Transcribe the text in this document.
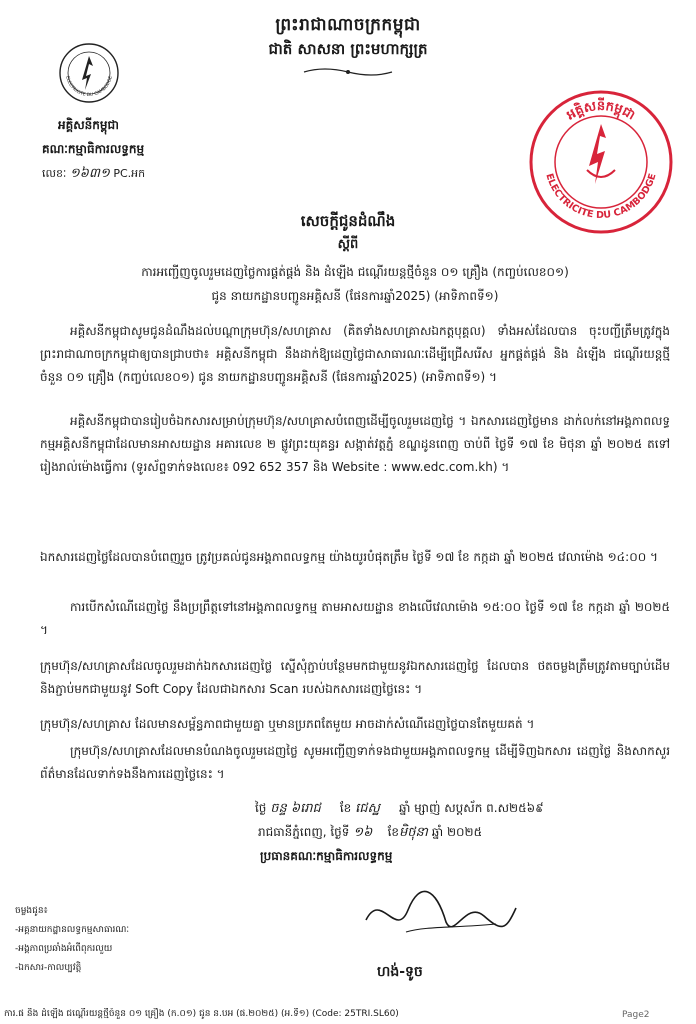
ព្រះរាជាណាចក្រកម្ពុជា
ជាតិ សាសនា ព្រះមហាក្សត្រ
ELECTRICITE DU CAMBODGE
អគ្គិសនីកម្ពុជា
គណៈកម្មាធិការលទ្ធកម្ម
លេខៈ ១៦៣១ PC.អក
អគ្គិសនីកម្ពុជា
ELECTRICITE DU CAMBODGE
សេចក្តីជូនដំណឹង
ស្តីពី
ការអញ្ជើញចូលរួមដេញថ្លៃការផ្គត់ផ្គង់ និង ដំឡើង ជណ្តើរយន្តថ្មីចំនួន ០១ គ្រឿង (កញ្ចប់លេខ០១)
ជូន នាយកដ្ឋានបញ្ជូនអគ្គិសនី (ផែនការឆ្នាំ2025) (អាទិភាពទី១)
អគ្គិសនីកម្ពុជាសូមជូនដំណឹងដល់បណ្តាក្រុមហ៊ុន/សហគ្រាស (គិតទាំងសហគ្រាសឯកត្តបុគ្គល) ទាំងអស់ដែលបាន ចុះបញ្ជីត្រឹមត្រូវក្នុងព្រះរាជាណាចក្រកម្ពុជាឲ្យបានជ្រាបថា៖ អគ្គិសនីកម្ពុជា នឹងដាក់ឱ្យដេញថ្លៃជាសាធារណៈដើម្បីជ្រើសរើស អ្នកផ្គត់ផ្គង់ និង ដំឡើង ជណ្តើរយន្តថ្មីចំនួន ០១ គ្រឿង (កញ្ចប់លេខ០១) ជូន នាយកដ្ឋានបញ្ជូនអគ្គិសនី (ផែនការឆ្នាំ2025) (អាទិភាពទី១) ។
អគ្គិសនីកម្ពុជាបានរៀបចំឯកសារសម្រាប់ក្រុមហ៊ុន/សហគ្រាសបំពេញដើម្បីចូលរួមដេញថ្លៃ ។ ឯកសារដេញថ្លៃមាន ដាក់លក់នៅអង្គភាពលទ្ធកម្មអគ្គិសនីកម្ពុជាដែលមានអាសយដ្ឋាន អគារលេខ ២ ផ្លូវព្រះយុគន្ធរ សង្កាត់វត្តភ្នំ ខណ្ឌដូនពេញ ចាប់ពី ថ្ងៃទី ១៧ ខែ មិថុនា ឆ្នាំ ២០២៥ តទៅរៀងរាល់ម៉ោងធ្វើការ (ទូរស័ព្ទទាក់ទងលេខ៖ 092 652 357 និង Website : www.edc.com.kh) ។
ឯកសារដេញថ្លៃដែលបានបំពេញរួច ត្រូវប្រគល់ជូនអង្គភាពលទ្ធកម្ម យ៉ាងយូរបំផុតត្រឹម ថ្ងៃទី ១៧ ខែ កក្កដា ឆ្នាំ ២០២៥ វេលាម៉ោង ១៤:០០ ។
ការបើកសំណើដេញថ្លៃ នឹងប្រព្រឹត្តទៅនៅអង្គភាពលទ្ធកម្ម តាមអាសយដ្ឋាន ខាងលើវេលាម៉ោង ១៥:០០ ថ្ងៃទី ១៧ ខែ កក្កដា ឆ្នាំ ២០២៥ ។
ក្រុមហ៊ុន/សហគ្រាសដែលចូលរួមដាក់ឯកសារដេញថ្លៃ ស្នើសុំភ្ជាប់បន្ថែមមកជាមួយនូវឯកសារដេញថ្លៃ ដែលបាន ថតចម្លងត្រឹមត្រូវតាមច្បាប់ដើម និងភ្ជាប់មកជាមួយនូវ Soft Copy ដែលជាឯកសារ Scan របស់ឯកសារដេញថ្លៃនេះ ។
ក្រុមហ៊ុន/សហគ្រាស ដែលមានសម្ព័ន្ធភាពជាមួយគ្នា ឬមានប្រភពតែមួយ អាចដាក់សំណើដេញថ្លៃបានតែមួយគត់ ។
ក្រុមហ៊ុន/សហគ្រាសដែលមានបំណងចូលរួមដេញថ្លៃ សូមអញ្ជើញទាក់ទងជាមួយអង្គភាពលទ្ធកម្ម ដើម្បីទិញឯកសារ ដេញថ្លៃ និងសាកសួរព័ត៌មានដែលទាក់ទងនឹងការដេញថ្លៃនេះ ។
ថ្ងៃ ចន្ទ ៦រោជ ខែ ជេស្ឋ ឆ្នាំ ម្សាញ់ សប្តស័ក ព.ស២៥៦៩
រាជធានីភ្នំពេញ, ថ្ងៃទី ១៦ ខែមិថុនា ឆ្នាំ ២០២៥
ប្រធានគណៈកម្មាធិការលទ្ធកម្ម
ហង់-ទូច
ចម្លងជូន៖
-អគ្គនាយកដ្ឋានលទ្ធកម្មសាធារណៈ
-អង្គភាពប្រឆាំងអំពើពុករលួយ
-ឯកសារ-កាលប្បវត្តិ
ការ.ផ និង ដំឡើង ជណ្តើរយន្តថ្មីចំនួន ០១ គ្រឿង (ក.០១) ជូន ន.បអ (ផ.២០២៥) (អ.ទី១) (Code: 25TRI.SL60)	Page2
